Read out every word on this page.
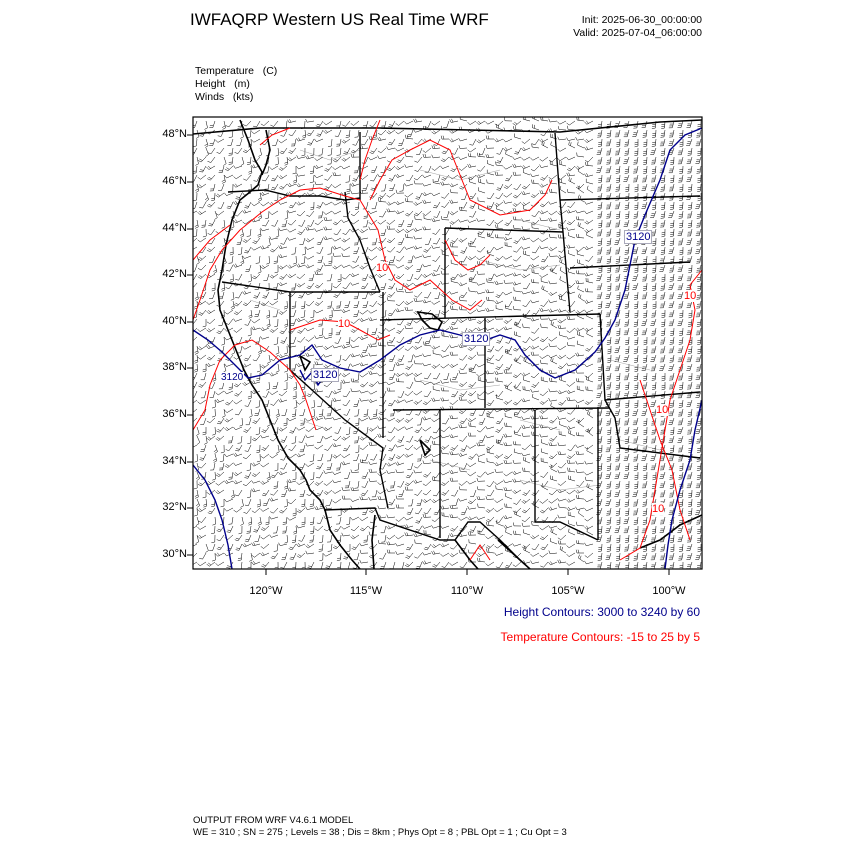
IWFAQRP Western US Real Time WRF	Init: 2025-06-30_00:00:00
Valid: 2025-07-04_06:00:00
Temperature   (C)
Height   (m)
Winds   (kts)
3120
3120
3120
3120
10
10
10
10
10
48°N
46°N
44°N
42°N
40°N
38°N
36°N
34°N
32°N
30°N
120°W	115°W	110°W	105°W	100°W
Height Contours: 3000 to 3240 by 60
Temperature Contours: -15 to 25 by 5
OUTPUT FROM WRF V4.6.1 MODEL
WE = 310 ; SN = 275 ; Levels = 38 ; Dis = 8km ; Phys Opt = 8 ; PBL Opt = 1 ; Cu Opt = 3
